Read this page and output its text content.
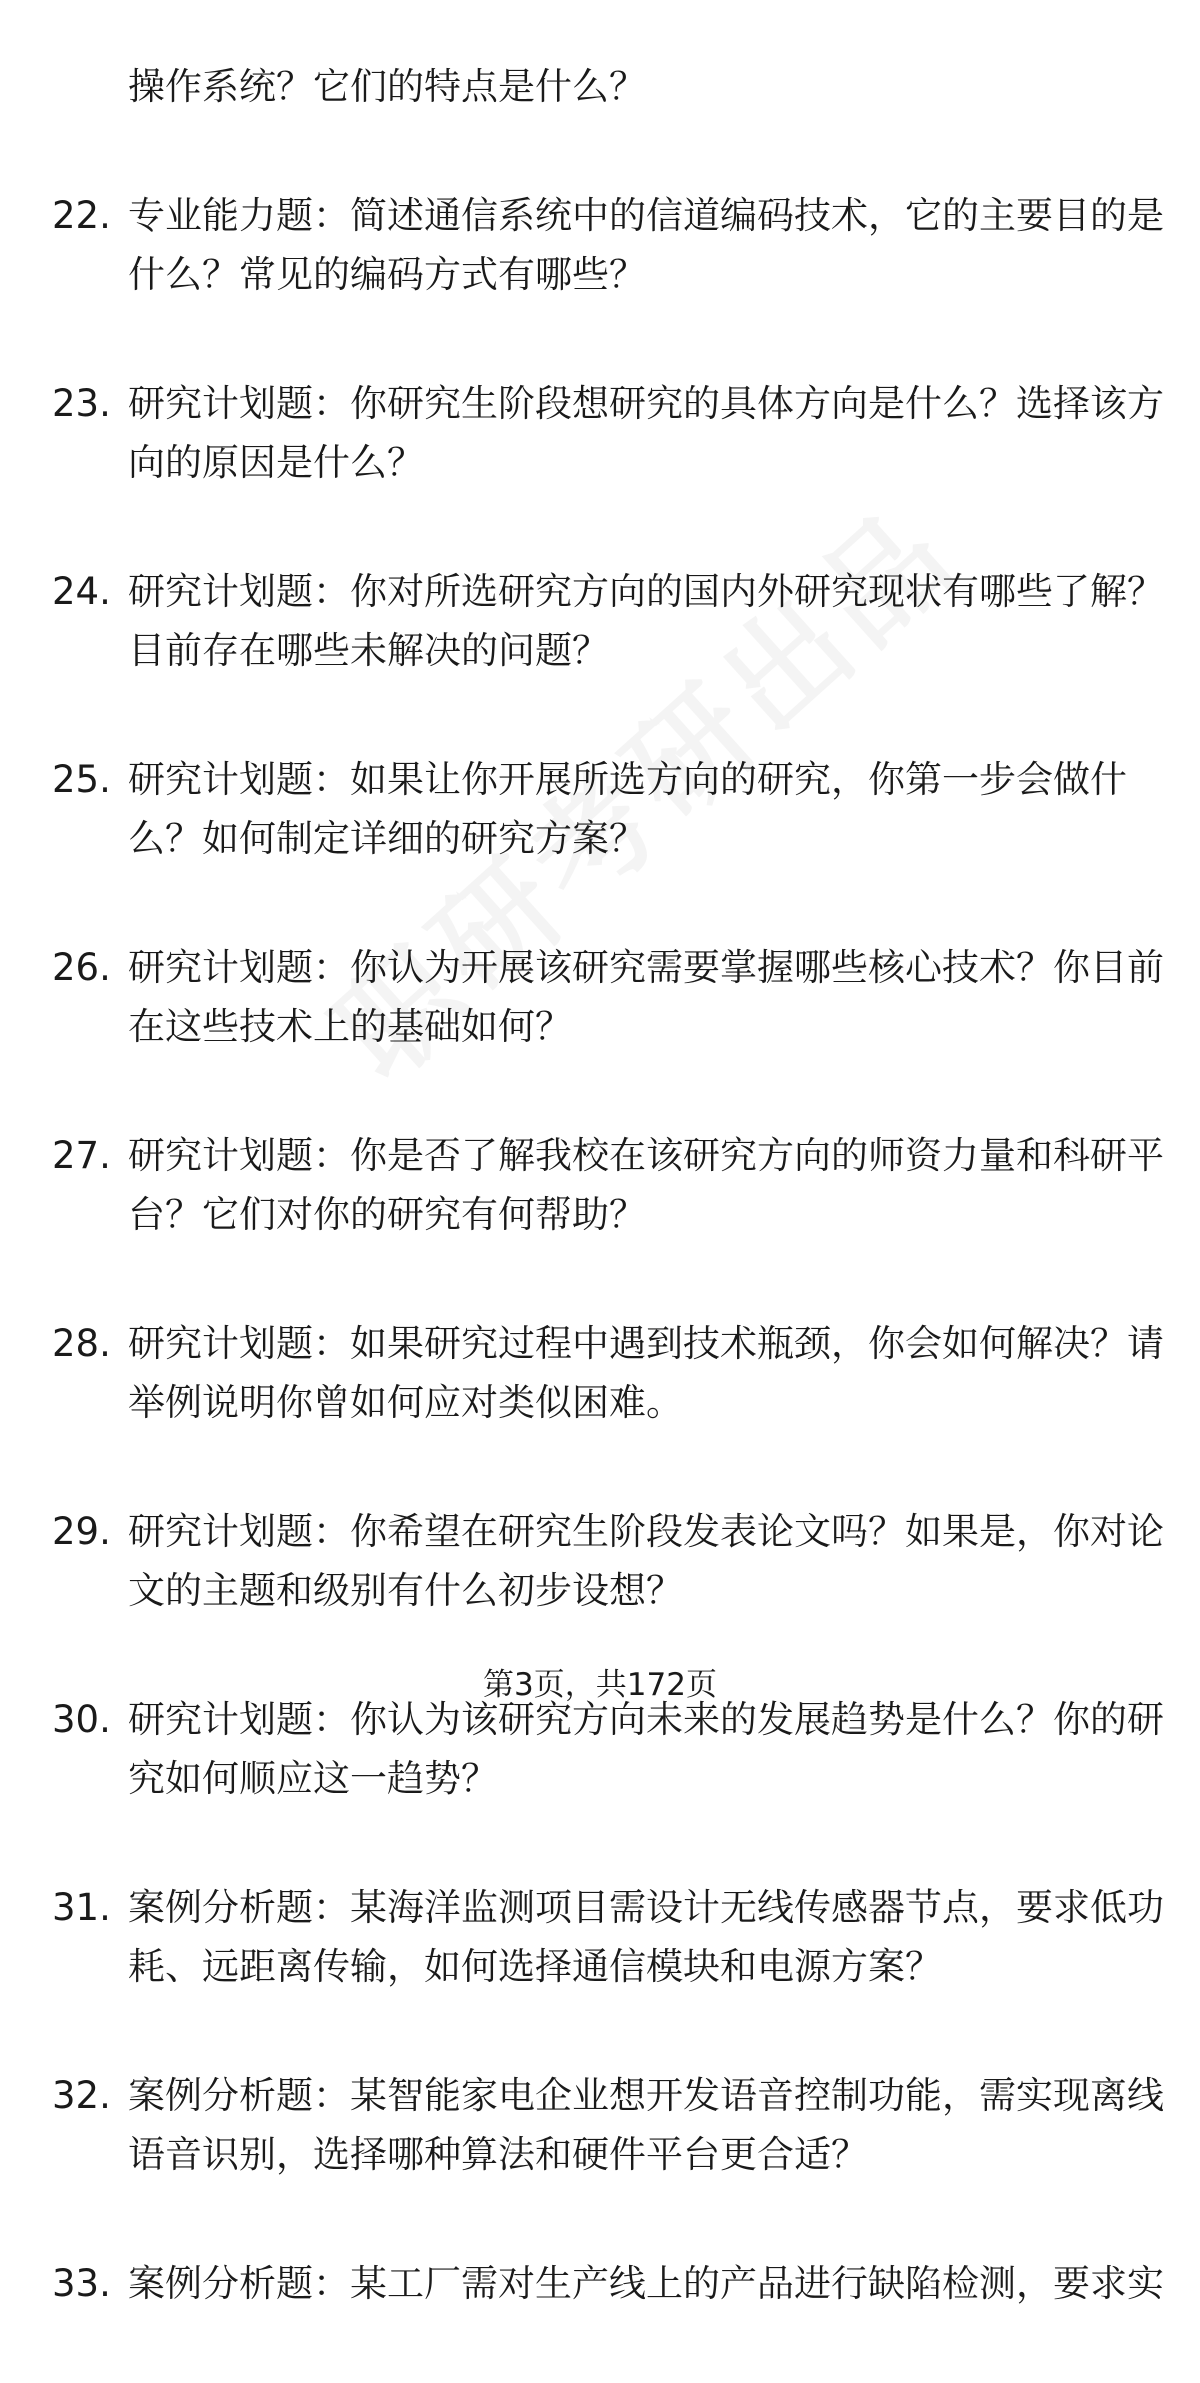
操作系统？它们的特点是什么？
22. 专业能力题：简述通信系统中的信道编码技术，它的主要目的是
什么？常见的编码方式有哪些？
23. 研究计划题：你研究生阶段想研究的具体方向是什么？选择该方
向的原因是什么？
24. 研究计划题：你对所选研究方向的国内外研究现状有哪些了解？
目前存在哪些未解决的问题？
25. 研究计划题：如果让你开展所选方向的研究，你第一步会做什
么？如何制定详细的研究方案？
26. 研究计划题：你认为开展该研究需要掌握哪些核心技术？你目前
在这些技术上的基础如何？
27. 研究计划题：你是否了解我校在该研究方向的师资力量和科研平
台？它们对你的研究有何帮助？
28. 研究计划题：如果研究过程中遇到技术瓶颈，你会如何解决？请
举例说明你曾如何应对类似困难。
29. 研究计划题：你希望在研究生阶段发表论文吗？如果是，你对论
文的主题和级别有什么初步设想？
30. 研究计划题：你认为该研究方向未来的发展趋势是什么？你的研
究如何顺应这一趋势？
31. 案例分析题：某海洋监测项目需设计无线传感器节点，要求低功
耗、远距离传输，如何选择通信模块和电源方案？
32. 案例分析题：某智能家电企业想开发语音控制功能，需实现离线
语音识别，选择哪种算法和硬件平台更合适？
33. 案例分析题：某工厂需对生产线上的产品进行缺陷检测，要求实
第3页，共172页
